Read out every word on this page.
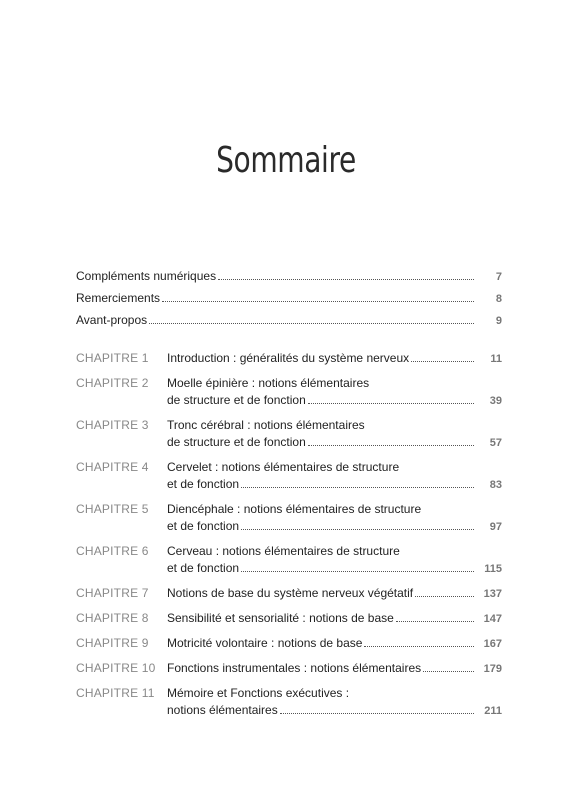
Sommaire
Compléments numériques	7
Remerciements	8
Avant-propos	9
CHAPITRE 1	Introduction : généralités du système nerveux	11
CHAPITRE 2	Moelle épinière : notions élémentaires
de structure et de fonction	39
CHAPITRE 3	Tronc cérébral : notions élémentaires
de structure et de fonction	57
CHAPITRE 4	Cervelet : notions élémentaires de structure
et de fonction	83
CHAPITRE 5	Diencéphale : notions élémentaires de structure
et de fonction	97
CHAPITRE 6	Cerveau : notions élémentaires de structure
et de fonction	115
CHAPITRE 7	Notions de base du système nerveux végétatif	137
CHAPITRE 8	Sensibilité et sensorialité : notions de base	147
CHAPITRE 9	Motricité volontaire : notions de base	167
CHAPITRE 10 Fonctions instrumentales : notions élémentaires	179
CHAPITRE 11	Mémoire et Fonctions exécutives :
notions élémentaires	211
